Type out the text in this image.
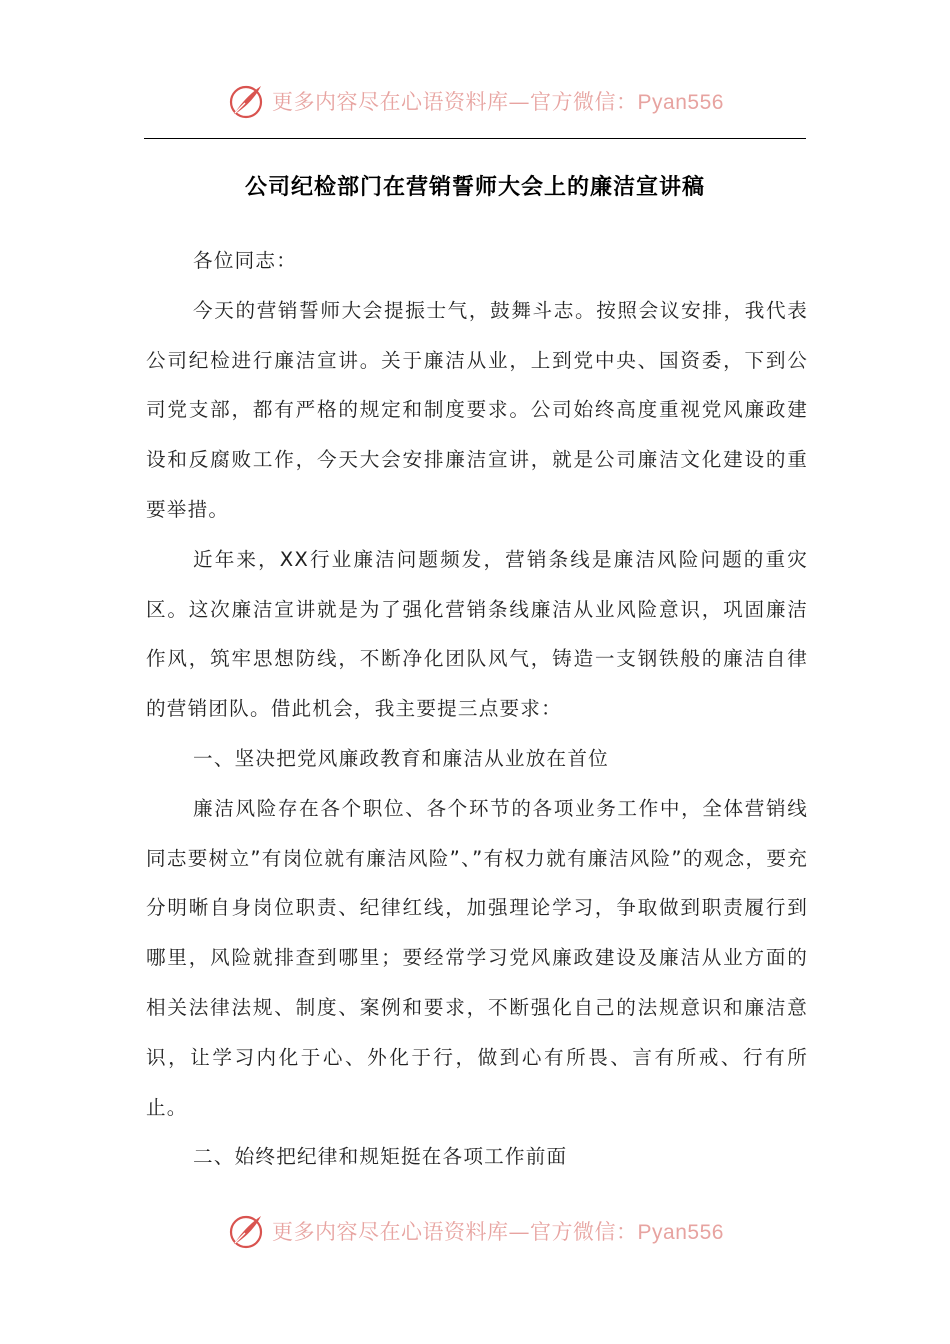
更多内容尽在心语资料库—官方微信：Pyan556
公司纪检部门在营销誓师大会上的廉洁宣讲稿

各位同志：

今天的营销誓师大会提振士气，鼓舞斗志。按照会议安排，我代表公司纪检进行廉洁宣讲。关于廉洁从业，上到党中央、国资委，下到公司党支部，都有严格的规定和制度要求。公司始终高度重视党风廉政建设和反腐败工作，今天大会安排廉洁宣讲，就是公司廉洁文化建设的重要举措。

近年来，XX行业廉洁问题频发，营销条线是廉洁风险问题的重灾区。这次廉洁宣讲就是为了强化营销条线廉洁从业风险意识，巩固廉洁作风，筑牢思想防线，不断净化团队风气，铸造一支钢铁般的廉洁自律的营销团队。借此机会，我主要提三点要求：

一、坚决把党风廉政教育和廉洁从业放在首位

廉洁风险存在各个职位、各个环节的各项业务工作中，全体营销线同志要树立”有岗位就有廉洁风险”、”有权力就有廉洁风险”的观念，要充分明晰自身岗位职责、纪律红线，加强理论学习，争取做到职责履行到哪里，风险就排查到哪里；要经常学习党风廉政建设及廉洁从业方面的相关法律法规、制度、案例和要求，不断强化自己的法规意识和廉洁意识，让学习内化于心、外化于行，做到心有所畏、言有所戒、行有所止。

二、始终把纪律和规矩挺在各项工作前面

更多内容尽在心语资料库—官方微信：Pyan556
